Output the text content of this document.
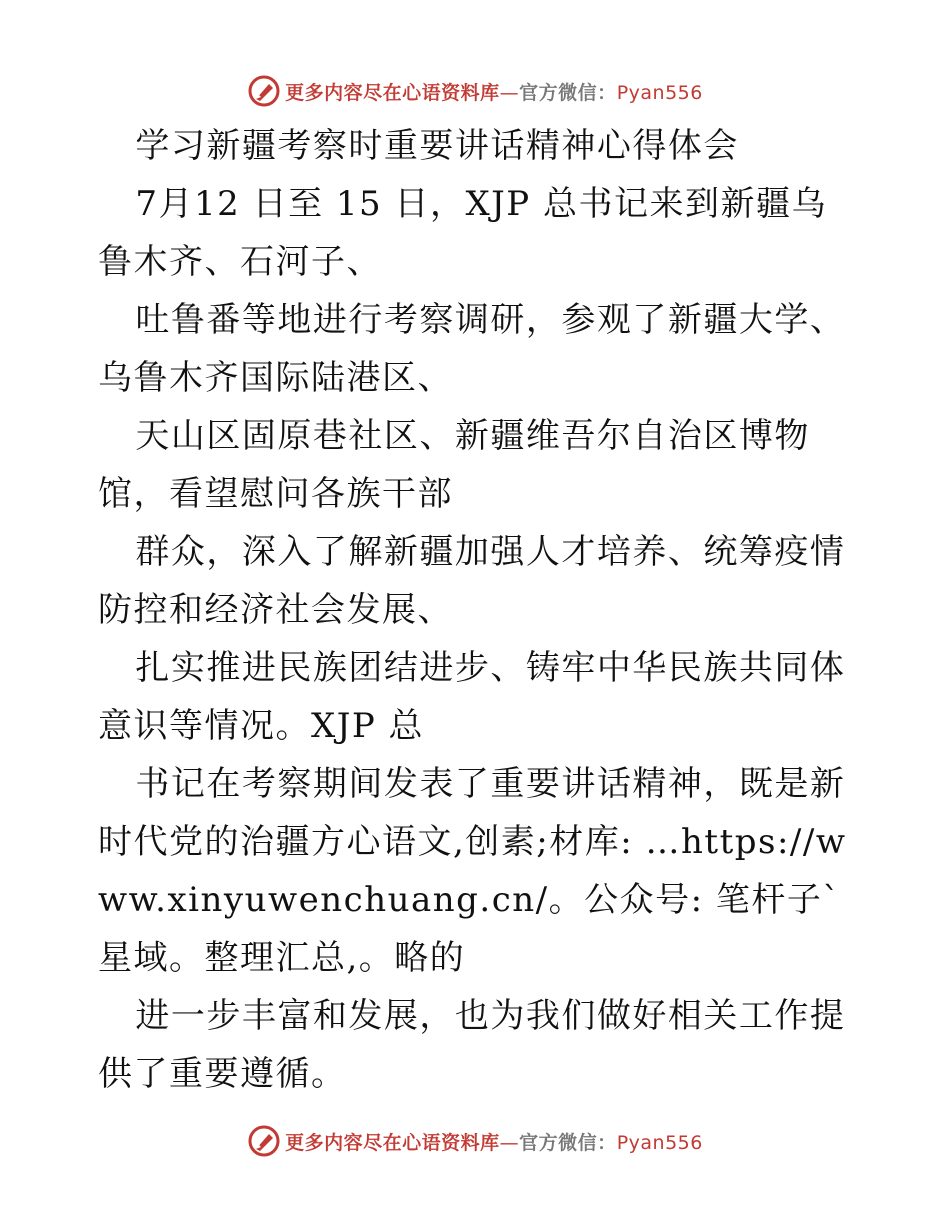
更多内容尽在心语资料库—官方微信：Pyan556

学习新疆考察时重要讲话精神心得体会

7月12 日至 15 日，XJP 总书记来到新疆乌鲁木齐、石河子、

吐鲁番等地进行考察调研，参观了新疆大学、乌鲁木齐国际陆港区、

天山区固原巷社区、新疆维吾尔自治区博物馆，看望慰问各族干部

群众，深入了解新疆加强人才培养、统筹疫情防控和经济社会发展、

扎实推进民族团结进步、铸牢中华民族共同体意识等情况。XJP 总

书记在考察期间发表了重要讲话精神，既是新时代党的治疆方心语文,创素;材库: …https://www.xinyuwenchuang.cn/。公众号: 笔杆子`星域。整理汇总,。略的

进一步丰富和发展，也为我们做好相关工作提供了重要遵循。

更多内容尽在心语资料库—官方微信：Pyan556
